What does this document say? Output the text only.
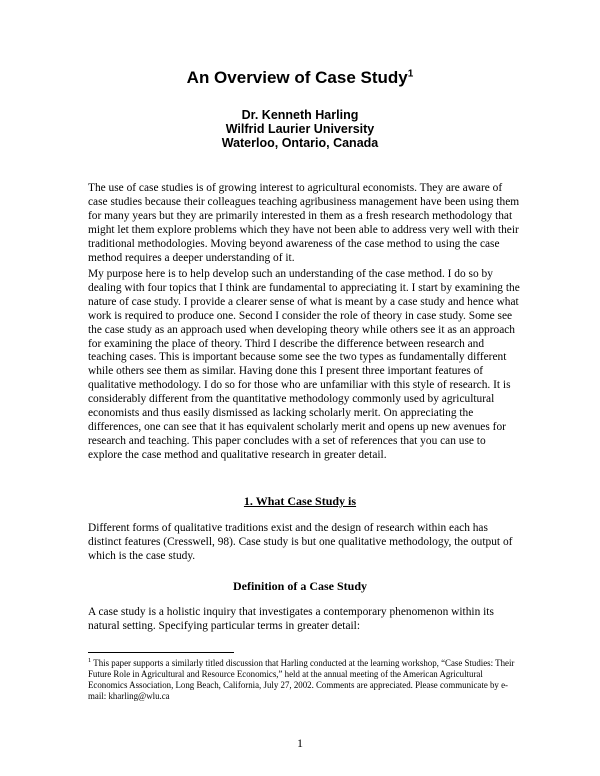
An Overview of Case Study$^1$
Dr. Kenneth Harling
Wilfrid Laurier University
Waterloo, Ontario, Canada

The use of case studies is of growing interest to agricultural economists. They are aware of case studies because their colleagues teaching agribusiness management have been using them for many years but they are primarily interested in them as a fresh research methodology that might let them explore problems which they have not been able to address very well with their traditional methodologies. Moving beyond awareness of the case method to using the case method requires a deeper understanding of it.

My purpose here is to help develop such an understanding of the case method. I do so by dealing with four topics that I think are fundamental to appreciating it. I start by examining the nature of case study. I provide a clearer sense of what is meant by a case study and hence what work is required to produce one. Second I consider the role of theory in case study. Some see the case study as an approach used when developing theory while others see it as an approach for examining the place of theory. Third I describe the difference between research and teaching cases. This is important because some see the two types as fundamentally different while others see them as similar. Having done this I present three important features of qualitative methodology. I do so for those who are unfamiliar with this style of research. It is considerably different from the quantitative methodology commonly used by agricultural economists and thus easily dismissed as lacking scholarly merit. On appreciating the differences, one can see that it has equivalent scholarly merit and opens up new avenues for research and teaching. This paper concludes with a set of references that you can use to explore the case method and qualitative research in greater detail.

1. What Case Study is

Different forms of qualitative traditions exist and the design of research within each has distinct features (Cresswell, 98). Case study is but one qualitative methodology, the output of which is the case study.

Definition of a Case Study

A case study is a holistic inquiry that investigates a contemporary phenomenon within its natural setting. Specifying particular terms in greater detail:

$^1$ This paper supports a similarly titled discussion that Harling conducted at the learning workshop, “Case Studies: Their Future Role in Agricultural and Resource Economics,” held at the annual meeting of the American Agricultural Economics Association, Long Beach, California, July 27, 2002. Comments are appreciated. Please communicate by e-mail: kharling@wlu.ca

1
